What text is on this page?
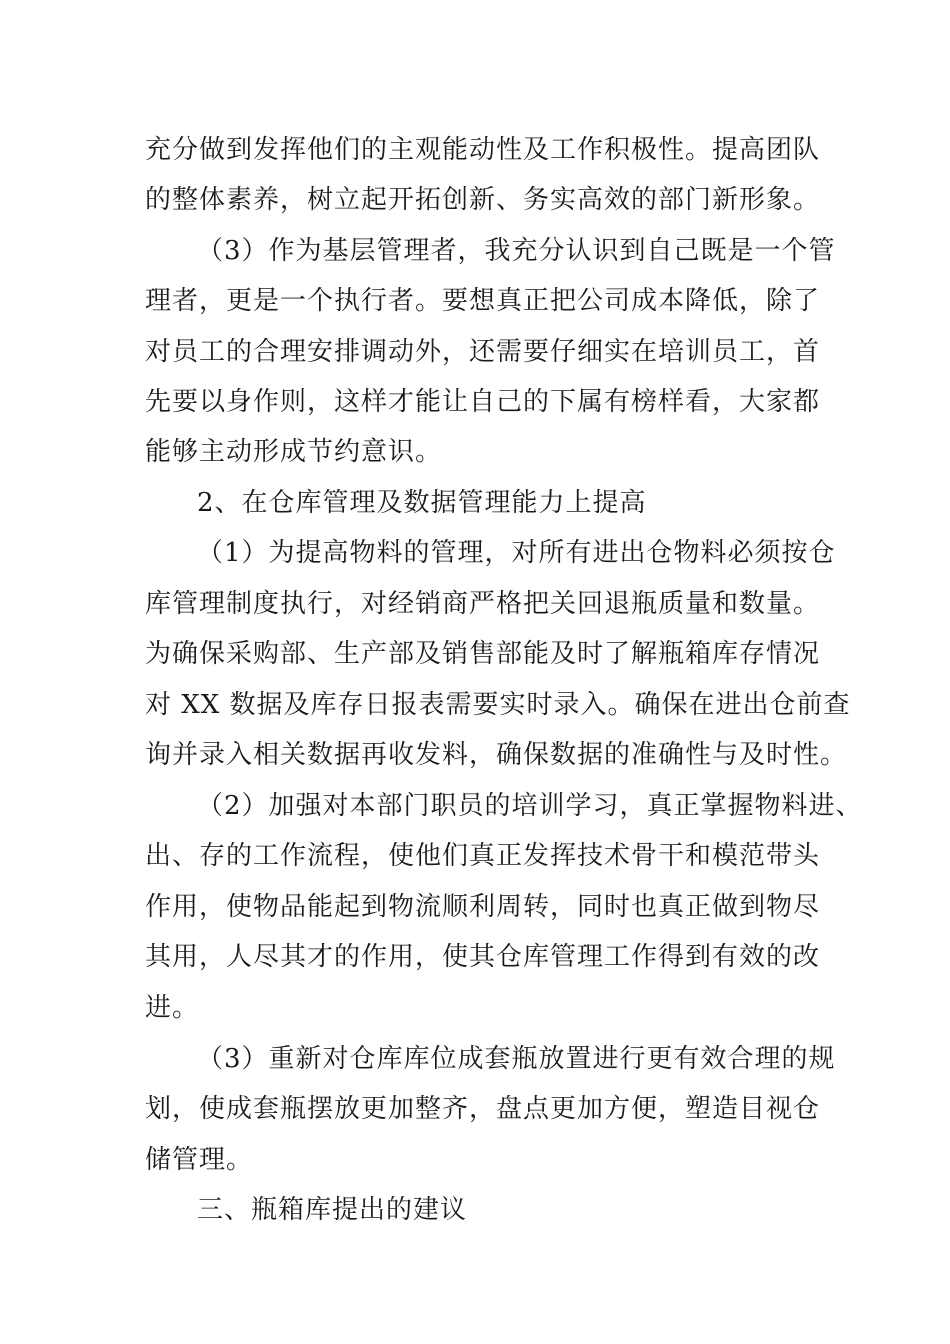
充分做到发挥他们的主观能动性及工作积极性。提高团队
的整体素养，树立起开拓创新、务实高效的部门新形象。
（3）作为基层管理者，我充分认识到自己既是一个管
理者，更是一个执行者。要想真正把公司成本降低，除了
对员工的合理安排调动外，还需要仔细实在培训员工，首
先要以身作则，这样才能让自己的下属有榜样看，大家都
能够主动形成节约意识。
2、在仓库管理及数据管理能力上提高
（1）为提高物料的管理，对所有进出仓物料必须按仓
库管理制度执行，对经销商严格把关回退瓶质量和数量。
为确保采购部、生产部及销售部能及时了解瓶箱库存情况
对 XX 数据及库存日报表需要实时录入。确保在进出仓前查
询并录入相关数据再收发料，确保数据的准确性与及时性。
（2）加强对本部门职员的培训学习，真正掌握物料进、
出、存的工作流程，使他们真正发挥技术骨干和模范带头
作用，使物品能起到物流顺利周转，同时也真正做到物尽
其用，人尽其才的作用，使其仓库管理工作得到有效的改
进。
（3）重新对仓库库位成套瓶放置进行更有效合理的规
划，使成套瓶摆放更加整齐，盘点更加方便，塑造目视仓
储管理。
三、瓶箱库提出的建议
